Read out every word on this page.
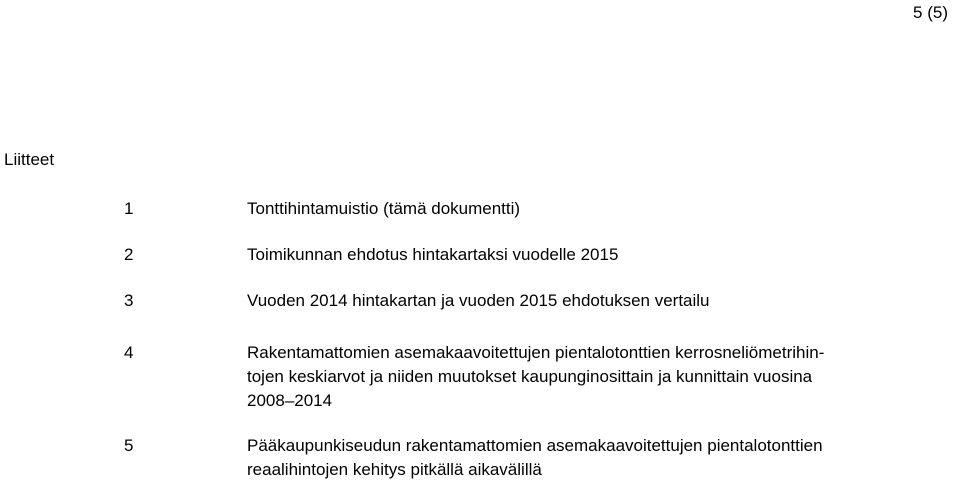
5 (5)
Liitteet
1	Tonttihintamuistio (tämä dokumentti)
2	Toimikunnan ehdotus hintakartaksi vuodelle 2015
3	Vuoden 2014 hintakartan ja vuoden 2015 ehdotuksen vertailu
4	Rakentamattomien asemakaavoitettujen pientalotonttien kerrosneliömetrihin-
tojen keskiarvot ja niiden muutokset kaupunginosittain ja kunnittain vuosina
2008–2014
5	Pääkaupunkiseudun rakentamattomien asemakaavoitettujen pientalotonttien
reaalihintojen kehitys pitkällä aikavälillä
